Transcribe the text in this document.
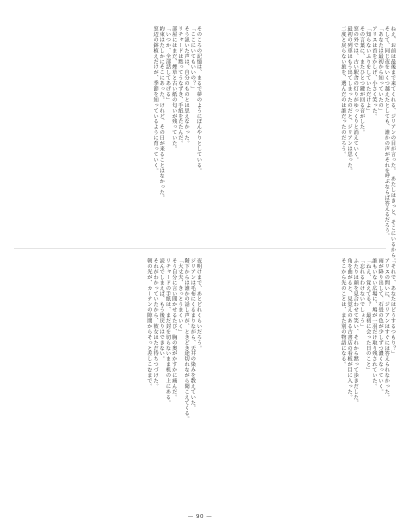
ねえ、お前は最後まで来てくれる、ジリアンの目が言った。　あたしはきっと、そこにいるから。
そして、同じ夜をいくつ越えたとしても、誰かの声がそれを呼ぶならば答えるだろう。
「あなたは最初から知っていたの」
アリスは首をかしげ、小さく笑った。
「知らないふりをしていただけよ」
その言葉に、またひとつ鍵が回る音がした。
窓の外では、古い駅舎の灯りがゆっくりと消えていく。
最初の列車はもう出てしまったのだと、ジリアンは思った。
二度と戻らない旅を、選んだのは誰だったのだろう。
そのころの記憶は、まるで夢のようにぼんやりとしている。
「ここにいてもいいの？」
そう訊いた声は、自分のものとは思えなかった。
リチャードは黙ってうなずき、手紙をたたんだ。
部屋にはまだ、煙草と古い紙の匂いが残っていた。
「いつか、全部話してあげる」
約束はたしかにそこにあった。けれど、その日が来ることはなかった。
窓辺の鉢植えだけが、季節を知っているように育っていく。
「それで、あなたはどうするつもり？」
アリスの問いに、ジリアンはすぐには答えられなかった。
雨が降り出して、石畳の色が少しずつ濃くなっていく。
誰もいない広場に、鳩が一羽だけ取り残されていた。
「ねえ、覚えてる？　最初に会った日のこと」
「忘れるわけないでしょう」
ふたりは顔を見合わせて笑い、それから黙って歩きだした。
角を曲がると、見覚えのある古書店の看板が目に入った。
そこから先のことは、また別の物語になる。
夜明けまで、あとどれくらいだろう。
ジリアンは毛布にくるまりながら、天井の染みを数えていた。
階下からは誰かの話し声が、ときどき途切れながら聞こえてくる。
「大丈夫、きっとうまくいく」
そう自分に言い聞かせるたび、胸の奥がかすかに痛んだ。
リチャードの手紙は、まだ封を切らないまま机の上にある。
読んでしまえば、もう後戻りはできない。
それがわかっていたから、彼女はただ待ちつづけた。
朝の光が、カーテンの隙間からそっと差しこむまで。
— 90 —
